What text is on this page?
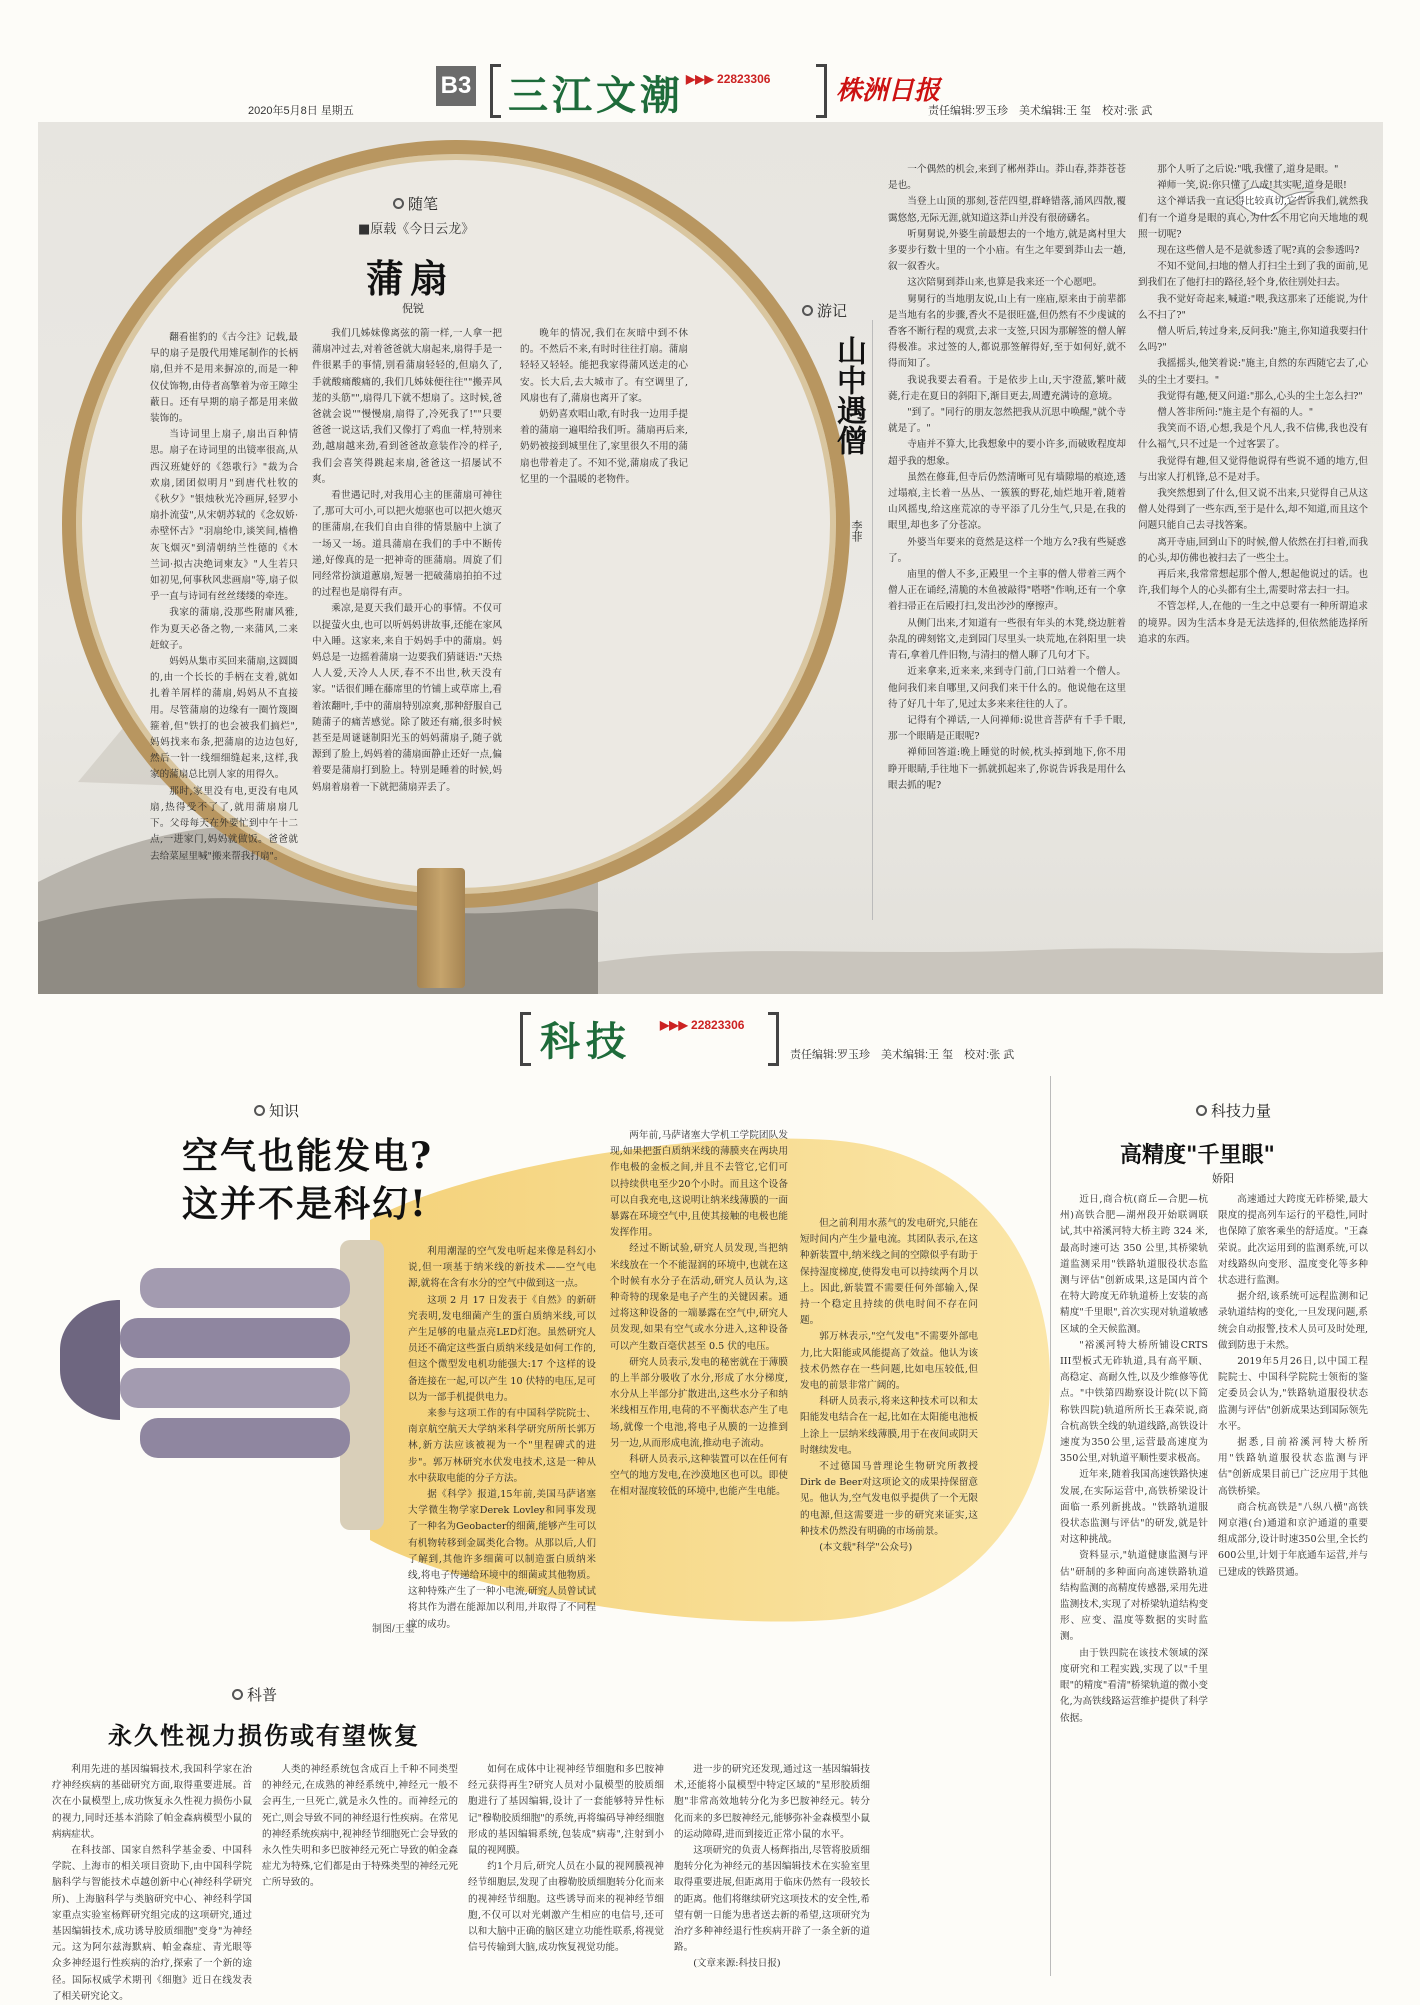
2020年5月8日 星期五
B3 三江文潮 ▶▶▶ 22823306	株洲日报
责任编辑:罗玉珍　美术编辑:王 玺　校对:张 武
随笔
■原载《今日云龙》
蒲扇
倪锐

翻看崔豹的《古今注》记载,最早的扇子是殷代用雉尾制作的长柄扇,但并不是用来摒凉的,而是一种仪仗饰物,由侍者高擎着为帝王障尘蔽日。还有早期的扇子都是用来做装饰的。

当诗词里上扇子,扇出百种情思。扇子在诗词里的出镜率很高,从西汉班婕妤的《怨歌行》"裁为合欢扇,团团似明月"到唐代杜牧的《秋夕》"银烛秋光冷画屏,轻罗小扇扑流萤",从宋朝苏轼的《念奴娇·赤壁怀古》"羽扇纶巾,谈笑间,樯橹灰飞烟灭"到清朝纳兰性德的《木兰词·拟古决绝词柬友》"人生若只如初见,何事秋风悲画扇"等,扇子似乎一直与诗词有丝丝缕缕的牵连。

我家的蒲扇,没那些附庸风雅,作为夏天必备之物,一来蒲风,二来赶蚊子。

妈妈从集市买回来蒲扇,这圆圆的,由一个长长的手柄在支着,就如扎着羊屑样的蒲扇,妈妈从不直接用。尽管蒲扇的边缘有一圈竹篾圈箍着,但"铁打的也会被我们搞烂",妈妈找来布条,把蒲扇的边边包好,然后一针一线细细缝起来,这样,我家的蒲扇总比别人家的用得久。

那时,家里没有电,更没有电风扇,热得受不了了,就用蒲扇扇几下。父母每天在外要忙到中午十二点,一进家门,妈妈就做饭。爸爸就去给菜屋里喊"搬来帮我打扇"。

我们几姊妹像离弦的箭一样,一人拿一把蒲扇冲过去,对着爸爸就大扇起来,扇得手是一件很累手的事情,别看蒲扇轻轻的,但扇久了,手就酸痛酸痛的,我们几姊妹便往往""搬弄风茏的头筋"",扇得几下就不想扇了。这时候,爸爸就会说""慢慢扇,扇得了,冷死我了!""只要爸爸一说这话,我们又像打了鸡血一样,特别来劲,越扇越来劲,看到爸爸故意装作冷的样子,我们会喜笑得跳起来扇,爸爸这一招屡试不爽。

看世遇记时,对我用心主的匪蒲扇可神往了,那可大可小,可以把火熄驱也可以把火熄灭的匪蒲扇,在我们自由自徘的情景脑中上演了一场又一场。道具蒲扇在我们的手中不断传递,好像真的是一把神奇的匪蒲扇。周旋了们同经常扮演道蕙扇,短暑一把破蒲扇拍拍不过的过程也是扇得有声。

乘凉,是夏天我们最开心的事情。不仅可以捉萤火虫,也可以听妈妈讲故事,还能在家风中入睡。这家来,来自于妈妈手中的蒲扇。妈妈总是一边摇着蒲扇一边要我们猜谜语:"天热人人爱,天冷人人厌,春不不出世,秋天没有家。"话很们睡在藤席里的竹铺上或草席上,看着浓翻叶,手中的蒲扇特别凉爽,那种舒服自己随蒲子的痛苦感觉。除了陂还有痛,很多时候甚至是周谜谜制阳光玉的妈妈蒲扇子,随子就源到了脸上,妈妈着的蒲扇面静止还好一点,偏着要是蒲扇打到脸上。特别是睡着的时候,妈妈扇着扇着一下就把蒲扇弄丢了。

晚年的情况,我们在灰暗中到不休的。不然后不来,有时时往往打扇。蒲扇轻轻又轻轻。能把我家得蒲风送走的心安。长大后,去大城市了。有空调里了,风扇也有了,蒲扇也离开了家。

奶奶喜欢唱山歌,有时我一边用手提着的蒲扇一遍唱给我们听。蒲扇再后来,奶奶被接到城里住了,家里很久不用的蒲扇也带着走了。不知不觉,蒲扇成了我记忆里的一个温暖的老物件。

游记
山中遇僧
李菲

一个偶然的机会,来到了郴州莽山。莽山春,莽莽苍苍是也。

当登上山顶的那刻,苍茫四望,群峰错落,涌风四散,覆霭悠悠,无际无涯,就知道这莽山并没有很磅礴名。

听舅舅说,外婆生前最想去的一个地方,就是离村里大多要步行数十里的一个小庙。有生之年要到莽山去一趟,叙一叙香火。

这次陪舅到莽山来,也算是我来还一个心愿吧。

舅舅行的当地朋友说,山上有一座庙,原来由于前辈都是当地有名的步骤,香火不是很旺盛,但仍然有不少虔诚的香客不断行程的观赏,去求一支签,只因为那解签的僧人解得极准。求过签的人,都说那签解得好,至于如何好,就不得而知了。

我说我要去看看。于是依步上山,天宇澄蓝,繁叶葳蕤,行走在夏日的斜阳下,渐目更去,周遭充满诗的意境。

"到了。"同行的朋友忽然把我从沉思中唤醒,"就个寺就是了。"

寺庙并不算大,比我想象中的要小许多,而破败程度却超乎我的想象。

虽然在修葺,但寺后仍然清晰可见有墙隙塌的痕迹,透过塌痕,主长着一丛丛、一簇簇的野花,灿烂地开着,随着山风摇曳,给这座荒凉的寺平添了几分生气,只是,在我的眼里,却也多了分苍凉。

外婆当年要来的竟然是这样一个地方么?我有些疑惑了。

庙里的僧人不多,正殿里一个主事的僧人带着三两个僧人正在诵经,清脆的木鱼被敲得"嗒嗒"作响,还有一个拿着扫帚正在后殿打扫,发出沙沙的摩擦声。

从侧门出来,才知道有一些很有年头的木凳,绕边脏着杂乱的碑刻铭文,走到园门尽里头一块荒地,在斜阳里一块青石,拿着几件旧物,与清扫的僧人聊了几句才下。

近来拿来,近来来,来到寺门前,门口站着一个僧人。他问我们来自哪里,又问我们来干什么的。他说他在这里待了好几十年了,见过太多来来往往的人了。

记得有个禅话,一人问禅师:说世音菩萨有千手千眼,那一个眼睛是正眼呢?

禅师回答道:晚上睡觉的时候,枕头掉到地下,你不用睁开眼睛,手往地下一抓就抓起来了,你说告诉我是用什么眼去抓的呢?

那个人听了之后说:"哦,我懂了,道身是眼。"

禅师一笑,说:你只懂了八成!其实呢,道身是眼!

这个禅话我一直记得比较真切,它告诉我们,就然我们有一个道身是眼的真心,为什么不用它向天地地的观照一切呢?

现在这些僧人是不是就参透了呢?真的会参透吗?

不知不觉间,扫地的僧人打扫尘土到了我的面前,见到我们在了他打扫的路径,轻个身,依往别处扫去。

我不觉好奇起来,喊道:"喂,我这那来了还能说,为什么不扫了?"

僧人听后,转过身来,反问我:"施主,你知道我要扫什么吗?"

我摇摇头,他笑着说:"施主,自然的东西随它去了,心头的尘土才要扫。"

我觉得有趣,便又问道:"那么,心头的尘土怎么扫?"

僧人答非所问:"施主是个有福的人。"

我笑而不语,心想,我是个凡人,我不信佛,我也没有什么福气,只不过是一个过客罢了。

我觉得有趣,但又觉得他说得有些说不通的地方,但与出家人打机锋,总不是对手。

我突然想到了什么,但又说不出来,只觉得自己从这僧人处得到了一些东西,至于是什么,却不知道,而且这个问题只能自己去寻找答案。

离开寺庙,回到山下的时候,僧人依然在打扫着,而我的心头,却仿佛也被扫去了一些尘土。

再后来,我常常想起那个僧人,想起他说过的话。也许,我们每个人的心头都有尘土,需要时常去扫一扫。

不管怎样,人,在他的一生之中总要有一种所谓追求的境界。因为生活本身是无法选择的,但依然能选择所追求的东西。

科技 ▶▶▶ 22823306
责任编辑:罗玉珍　美术编辑:王 玺　校对:张 武
制图/王玺
知识
空气也能发电?
这并不是科幻!

利用潮湿的空气发电听起来像是科幻小说,但一项基于纳米线的新技术——空气电源,就将在含有水分的空气中做到这一点。

这项 2 月 17 日发表于《自然》的新研究表明,发电细菌产生的蛋白质纳米线,可以产生足够的电量点亮LED灯泡。虽然研究人员还不确定这些蛋白质纳米线是如何工作的,但这个微型发电机功能强大:17 个这样的设备连接在一起,可以产生 10 伏特的电压,足可以为一部手机提供电力。

来参与这项工作的有中国科学院院士、南京航空航天大学纳米科学研究所所长郭万林,新方法应该被视为一个"里程碑式的进步"。郭万林研究水伏发电技术,这是一种从水中获取电能的分子方法。

据《科学》报道,15年前,美国马萨诸塞大学微生物学家Derek Lovley和同事发现了一种名为Geobacter的细菌,能够产生可以有机物转移到金属类化合物。从那以后,人们了解到,其他许多细菌可以制造蛋白质纳米线,将电子传递给环境中的细菌或其他物质。这种特殊产生了一种小电流,研究人员曾试试将其作为潜在能源加以利用,并取得了不同程度的成功。

两年前,马萨诸塞大学机工学院团队发现,如果把蛋白质纳米线的薄膜夹在两块用作电极的金板之间,并且不去管它,它们可以持续供电至少20个小时。而且这个设备可以自我充电,这说明让纳米线薄膜的一面暴露在环境空气中,且使其接触的电极也能发挥作用。

经过不断试验,研究人员发现,当把纳米线放在一个不能湿润的环境中,也就在这个时候有水分子在活动,研究人员认为,这种奇特的现象是电子产生的关键因素。通过将这种设备的一端暴露在空气中,研究人员发现,如果有空气或水分进入,这种设备可以产生数百毫伏甚至 0.5 伏的电压。

研究人员表示,发电的秘密就在于薄膜的上半部分吸收了水分,形成了水分梯度,水分从上半部分扩散进出,这些水分子和纳米线相互作用,电荷的不平衡状态产生了电场,就像一个电池,将电子从膜的一边推到另一边,从而形成电流,推动电子流动。

科研人员表示,这种装置可以在任何有空气的地方发电,在沙漠地区也可以。即使在相对湿度较低的环境中,也能产生电能。

但之前利用水蒸气的发电研究,只能在短时间内产生少量电流。其团队表示,在这种新装置中,纳米线之间的空隙似乎有助于保持湿度梯度,使得发电可以持续两个月以上。因此,新装置不需要任何外部输入,保持一个稳定且持续的供电时间不存在问题。

郭万林表示,"空气发电"不需要外部电力,比大阳能或风能提高了效益。他认为该技术仍然存在一些问题,比如电压较低,但发电的前景非常广阔的。

科研人员表示,将来这种技术可以和太阳能发电结合在一起,比如在太阳能电池板上涂上一层纳米线薄膜,用于在夜间或阴天时继续发电。

不过德国马普理论生物研究所教授Dirk de Beer对这项论文的成果持保留意见。他认为,空气发电似乎提供了一个无限的电源,但这需要进一步的研究来证实,这种技术仍然没有明确的市场前景。

(本文载"科学"公众号)

科普
永久性视力损伤或有望恢复

利用先进的基因编辑技术,我国科学家在治疗神经疾病的基础研究方面,取得重要进展。首次在小鼠模型上,成功恢复永久性视力损伤小鼠的视力,同时还基本消除了帕金森病模型小鼠的病病症状。

在科技部、国家自然科学基金委、中国科学院、上海市的相关项目资助下,由中国科学院脑科学与智能技术卓越创新中心(神经科学研究所)、上海脑科学与类脑研究中心、神经科学国家重点实验室杨辉研究组完成的这项研究,通过基因编辑技术,成功诱导胶质细胞"变身"为神经元。这为阿尔兹海默病、帕金森症、青光眼等众多神经退行性疾病的治疗,探索了一个新的途径。国际权威学术期刊《细胞》近日在线发表了相关研究论文。

人类的神经系统包含成百上千种不同类型的神经元,在成熟的神经系统中,神经元一般不会再生,一旦死亡,就是永久性的。而神经元的死亡,则会导致不同的神经退行性疾病。在常见的神经系统疾病中,视神经节细胞死亡会导致的永久性失明和多巴胺神经元死亡导致的帕金森症尤为特殊,它们都是由于特殊类型的神经元死亡所导致的。

如何在成体中让视神经节细胞和多巴胺神经元获得再生?研究人员对小鼠模型的胶质细胞进行了基因编辑,设计了一套能够特异性标记"穆勒胶质细胞"的系统,再将编码导神经细胞形成的基因编辑系统,包装成"病毒",注射到小鼠的视网膜。

约1个月后,研究人员在小鼠的视网膜视神经节细胞层,发现了由穆勒胶质细胞转分化而来的视神经节细胞。这些诱导而来的视神经节细胞,不仅可以对光刺激产生相应的电信号,还可以和大脑中正确的脑区建立功能性联系,将视觉信号传输到大脑,成功恢复视觉功能。

进一步的研究还发现,通过这一基因编辑技术,还能将小鼠模型中特定区域的"星形胶质细胞"非常高效地转分化为多巴胺神经元。转分化而来的多巴胺神经元,能够弥补金森模型小鼠的运动障碍,进而到接近正常小鼠的水平。

这项研究的负责人杨辉指出,尽管将胶质细胞转分化为神经元的基因编辑技术在实验室里取得重要进展,但距离用于临床仍然有一段较长的距离。他们将继续研究这项技术的安全性,希望有朝一日能为患者送去新的希望,这项研究为治疗多种神经退行性疾病开辟了一条全新的道路。

(文章来源:科技日报)

科技力量
高精度"千里眼"
娇阳

近日,商合杭(商丘—合肥—杭州)高铁合肥—湖州段开始联调联试,其中裕溪河特大桥主跨 324 米,最高时速可达 350 公里,其桥梁轨道监测采用"铁路轨道服役状态监测与评估"创新成果,这是国内首个在特大跨度无砟轨道桥上安装的高精度"千里眼",首次实现对轨道敏感区域的全天候监测。

"裕溪河特大桥所铺设CRTS III型板式无砟轨道,具有高平顺、高稳定、高耐久性,以及少维修等优点。"中铁第四勘察设计院(以下简称铁四院)轨道所所长王森荣说,商合杭高铁全线的轨道线路,高铁设计速度为350公里,运营最高速度为350公里,对轨道平顺性要求极高。

近年来,随着我国高速铁路快速发展,在实际运营中,高铁桥梁设计面临一系列新挑战。"铁路轨道服役状态监测与评估"的研发,就是针对这种挑战。

资料显示,"轨道健康监测与评估"研制的多种面向高速铁路轨道结构监测的高精度传感器,采用先进监测技术,实现了对桥梁轨道结构变形、应变、温度等数据的实时监测。

由于铁四院在该技术领域的深度研究和工程实践,实现了以"千里眼"的精度"看清"桥梁轨道的微小变化,为高铁线路运营维护提供了科学依据。

高速通过大跨度无砟桥梁,最大限度的提高列车运行的平稳性,同时也保障了旅客乘坐的舒适度。"王森荣说。此次运用到的监测系统,可以对线路纵向变形、温度变化等多种状态进行监测。

据介绍,该系统可远程监测和记录轨道结构的变化,一旦发现问题,系统会自动报警,技术人员可及时处理,做到防患于未然。

2019年5月26日,以中国工程院院士、中国科学院院士领衔的鉴定委员会认为,"铁路轨道服役状态监测与评估"创新成果达到国际领先水平。

据悉,目前裕溪河特大桥所用"铁路轨道服役状态监测与评估"创新成果目前已广泛应用于其他高铁桥梁。

商合杭高铁是"八纵八横"高铁网京港(台)通道和京沪通道的重要组成部分,设计时速350公里,全长约600公里,计划于年底通车运营,并与已建成的铁路贯通。
